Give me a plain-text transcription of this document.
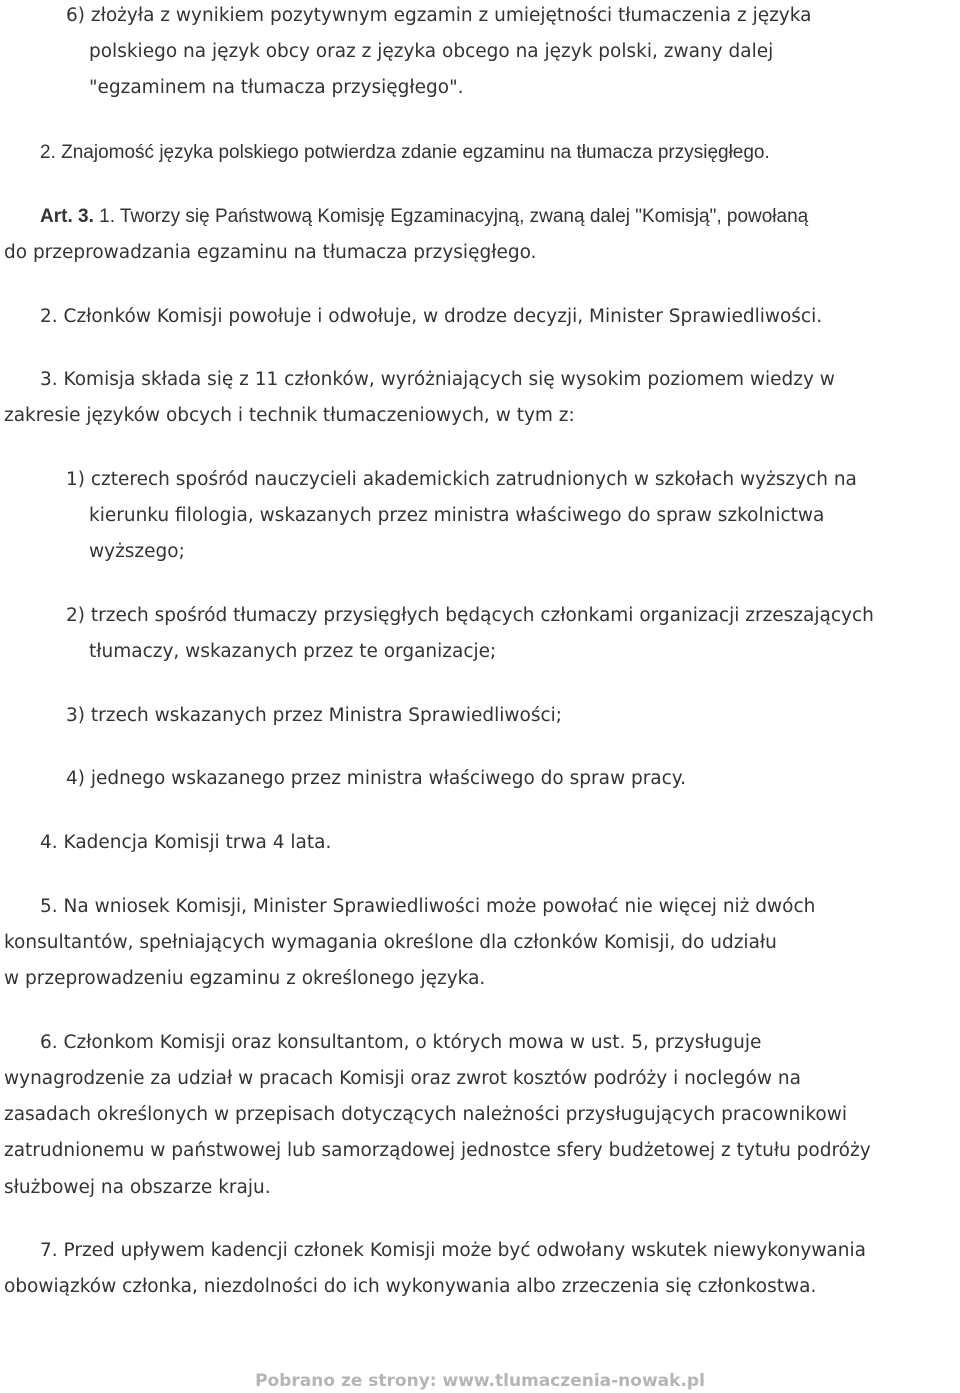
6) złożyła z wynikiem pozytywnym egzamin z umiejętności tłumaczenia z języka
polskiego na język obcy oraz z języka obcego na język polski, zwany dalej
"egzaminem na tłumacza przysięgłego".
2. Znajomość języka polskiego potwierdza zdanie egzaminu na tłumacza przysięgłego.
Art. 3. 1. Tworzy się Państwową Komisję Egzaminacyjną, zwaną dalej "Komisją", powołaną
do przeprowadzania egzaminu na tłumacza przysięgłego.
2. Członków Komisji powołuje i odwołuje, w drodze decyzji, Minister Sprawiedliwości.
3. Komisja składa się z 11 członków, wyróżniających się wysokim poziomem wiedzy w
zakresie języków obcych i technik tłumaczeniowych, w tym z:
1) czterech spośród nauczycieli akademickich zatrudnionych w szkołach wyższych na
kierunku filologia, wskazanych przez ministra właściwego do spraw szkolnictwa
wyższego;
2) trzech spośród tłumaczy przysięgłych będących członkami organizacji zrzeszających
tłumaczy, wskazanych przez te organizacje;
3) trzech wskazanych przez Ministra Sprawiedliwości;
4) jednego wskazanego przez ministra właściwego do spraw pracy.
4. Kadencja Komisji trwa 4 lata.
5. Na wniosek Komisji, Minister Sprawiedliwości może powołać nie więcej niż dwóch
konsultantów, spełniających wymagania określone dla członków Komisji, do udziału
w przeprowadzeniu egzaminu z określonego języka.
6. Członkom Komisji oraz konsultantom, o których mowa w ust. 5, przysługuje
wynagrodzenie za udział w pracach Komisji oraz zwrot kosztów podróży i noclegów na
zasadach określonych w przepisach dotyczących należności przysługujących pracownikowi
zatrudnionemu w państwowej lub samorządowej jednostce sfery budżetowej z tytułu podróży
służbowej na obszarze kraju.
7. Przed upływem kadencji członek Komisji może być odwołany wskutek niewykonywania
obowiązków członka, niezdolności do ich wykonywania albo zrzeczenia się członkostwa.
Pobrano ze strony: www.tlumaczenia-nowak.pl
